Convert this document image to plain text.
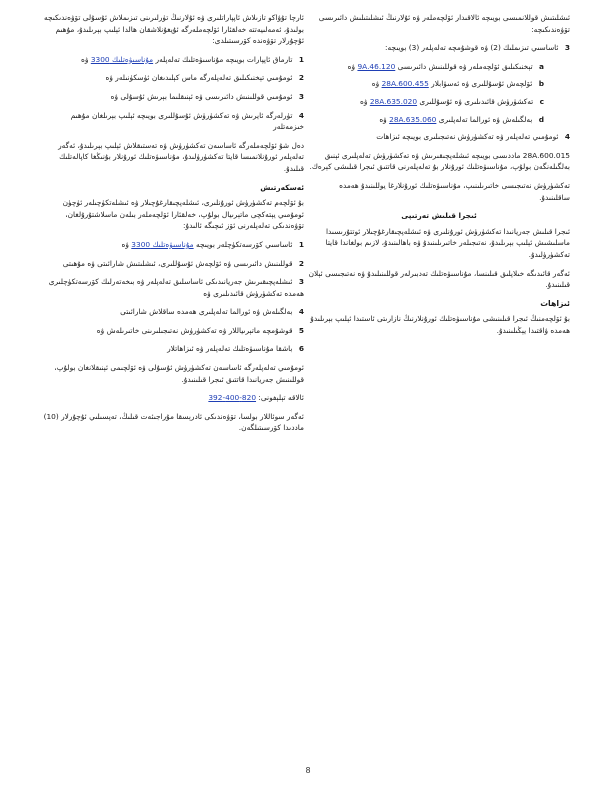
ئارچا تۇۋاكو تازىلاش ئاپپاراتلىرى ۋە ئۇلارنىڭ تۈرلىرىنى تىزىملاش ئۇسۇلى تۆۋەندىكىچە بولىدۇ، ئەمەلىيەتتە خەلقئارا ئۆلچەملەرگە ئۇيغۇنلاشقان ھالدا ئېلىپ بېرىلىدۇ، مۇھىم ئۇچۇرلار تۆۋەندە كۆرسىتىلدى:

1 تارماق ئاپپارات بويىچە مۇناسىۋەتلىك تەلەپلەر مۇناسىۋەتلىك 3300 ۋە
2 ئومۇمىي تېخنىكىلىق تەلەپلەرگە ماس كېلىدىغان ئۈسكۈنىلەر ۋە
3 ئومۇمىي قوللىنىش دائىرىسى ۋە ئېنىقلىما بېرىش ئۇسۇلى ۋە
4 تۈرلەرگە ئايرىش ۋە تەكشۈرۈش ئۇسۇللىرى بويىچە ئېلىپ بېرىلغان مۇھىم خىزمەتلەر

دەل شۇ ئۆلچەملەرگە ئاساسەن تەكشۈرۈش ۋە تەستىقلاش ئېلىپ بېرىلىدۇ، ئەگەر تەلەپلەر ئورۇنلانمىسا قايتا تەكشۈرۈلىدۇ، مۇناسىۋەتلىك ئورۇنلار بۇنىڭغا كاپالەتلىك قىلىدۇ.

ئەسكەرتىش

بۇ ئۆلچەم تەكشۈرۈش ئورۇنلىرى، ئىشلەپچىقارغۇچىلار ۋە ئىشلەتكۈچىلەر ئۈچۈن ئومۇمىي يېتەكچى ماتېرىيال بولۇپ، خەلقئارا ئۆلچەملەر بىلەن ماسلاشتۇرۇلغان، تۆۋەندىكى تەلەپلەرنى ئۆز ئىچىگە ئالىدۇ:

1 ئاساسىي كۆرسەتكۈچلەر بويىچە مۇناسىۋەتلىك 3300 ۋە
2 قوللىنىش دائىرىسى ۋە ئۆلچەش ئۇسۇللىرى، ئىشلىتىش شارائىتى ۋە مۇھىتى
3 ئىشلەپچىقىرىش جەريانىدىكى ئاساسلىق تەلەپلەر ۋە بىخەتەرلىك كۆرسەتكۈچلىرى ھەمدە تەكشۈرۈش قائىدىلىرى ۋە
4 بەلگىلەش ۋە ئورالما تەلەپلىرى ھەمدە ساقلاش شارائىتى
5 قوشۇمچە ماتېرىياللار ۋە تەكشۈرۈش نەتىجىلىرىنى خاتىرىلەش ۋە
6 باشقا مۇناسىۋەتلىك تەلەپلەر ۋە ئىزاھاتلار

ئومۇمىي تەلەپلەرگە ئاساسەن تەكشۈرۈش ئۇسۇلى ۋە ئۆلچىمى ئېنىقلانغان بولۇپ، قوللىنىش جەريانىدا قاتتىق ئىجرا قىلىنىدۇ.

ئالاقە تېلېفونى: 820-400-392

ئەگەر سوئاللار بولسا، تۆۋەندىكى ئادرېسقا مۇراجىئەت قىلىڭ، تەپسىلىي ئۇچۇرلار (10) ماددىدا كۆرسىتىلگەن.

ئىشلىتىش قوللانمىسى بويىچە ئالاقىدار ئۆلچەملەر ۋە ئۇلارنىڭ ئىشلىتىلىش دائىرىسى تۆۋەندىكىچە:

3 ئاساسىي تىزىملىك (2) ۋە قوشۇمچە تەلەپلەر (3) بويىچە:
a تېخنىكىلىق ئۆلچەملەر ۋە قوللىنىش دائىرىسى 9A.46.120 ۋە
b ئۆلچەش ئۇسۇللىرى ۋە ئەسۋابلار 28A.600.455 ۋە
c تەكشۈرۈش قائىدىلىرى ۋە ئۇسۇللىرى 28A.635.020 ۋە
d بەلگىلەش ۋە ئورالما تەلەپلىرى 28A.635.060 ۋە
4 ئومۇمىي تەلەپلەر ۋە تەكشۈرۈش نەتىجىلىرى بويىچە ئىزاھات

28A.600.015 ماددىسى بويىچە ئىشلەپچىقىرىش ۋە تەكشۈرۈش تەلەپلىرى ئېنىق بەلگىلەنگەن بولۇپ، مۇناسىۋەتلىك ئورۇنلار بۇ تەلەپلەرنى قاتتىق ئىجرا قىلىشى كېرەك.

تەكشۈرۈش نەتىجىسى خاتىرىلىنىپ، مۇناسىۋەتلىك ئورۇنلارغا يوللىنىدۇ ھەمدە ساقلىنىدۇ.

ئىجرا قىلىش تەرتىپى

ئىجرا قىلىش جەريانىدا تەكشۈرۈش ئورۇنلىرى ۋە ئىشلەپچىقارغۇچىلار ئوتتۇرىسىدا ماسلىشىش ئېلىپ بېرىلىدۇ، نەتىجىلەر خاتىرىلىنىدۇ ۋە باھالىنىدۇ، لازىم بولغاندا قايتا تەكشۈرۈلىدۇ.

ئەگەر قائىدىگە خىلاپلىق قىلىنسا، مۇناسىۋەتلىك تەدبىرلەر قوللىنىلىدۇ ۋە نەتىجىسى ئېلان قىلىنىدۇ.

ئىزاھات

بۇ ئۆلچەمنىڭ ئىجرا قىلىنىشى مۇناسىۋەتلىك ئورۇنلارنىڭ نازارىتى ئاستىدا ئېلىپ بېرىلىدۇ ھەمدە ۋاقتىدا يېڭىلىنىدۇ.

8
